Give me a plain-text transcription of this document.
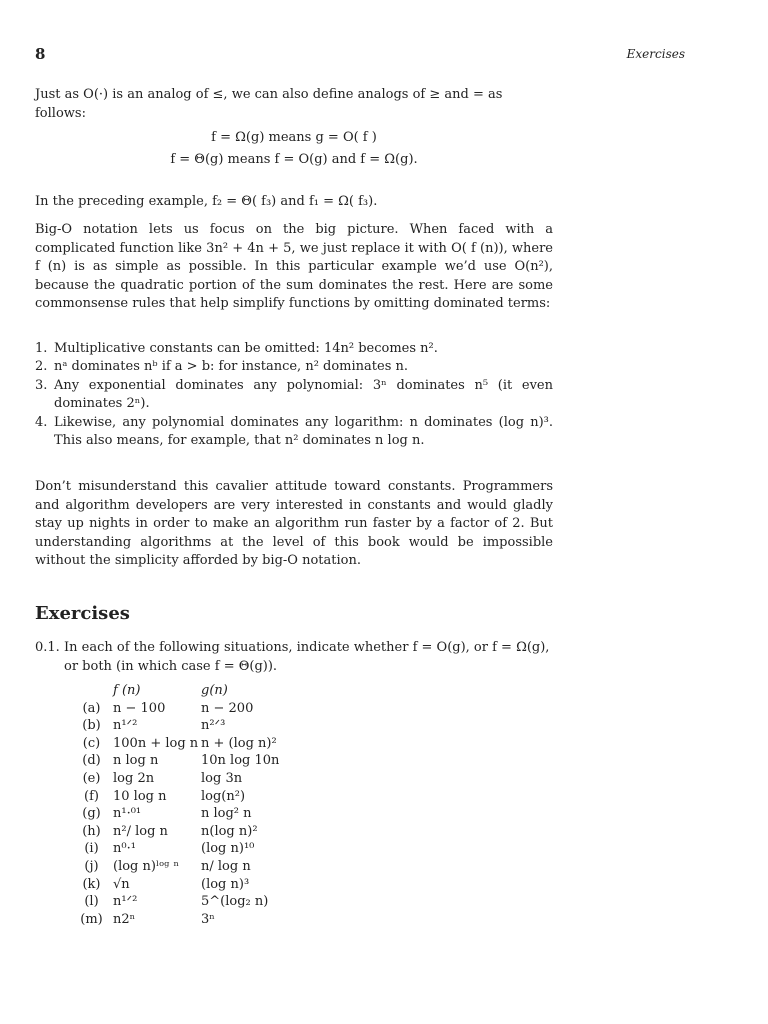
8	Exercises

Just as O(·) is an analog of ≤, we can also define analogs of ≥ and = as follows:

f = Ω(g) means g = O( f )

f = Θ(g) means f = O(g) and f = Ω(g).

In the preceding example, f₂ = Θ( f₃) and f₁ = Ω( f₃).

Big-O notation lets us focus on the big picture. When faced with a complicated function like 3n² + 4n + 5, we just replace it with O( f (n)), where f (n) is as simple as possible. In this particular example we’d use O(n²), because the quadratic portion of the sum dominates the rest. Here are some commonsense rules that help simplify functions by omitting dominated terms:

1. Multiplicative constants can be omitted: 14n² becomes n².
2. nᵃ dominates nᵇ if a > b: for instance, n² dominates n.
3. Any exponential dominates any polynomial: 3ⁿ dominates n⁵ (it even dominates 2ⁿ).
4. Likewise, any polynomial dominates any logarithm: n dominates (log n)³. This also means, for example, that n² dominates n log n.

Don’t misunderstand this cavalier attitude toward constants. Programmers and algorithm developers are very interested in constants and would gladly stay up nights in order to make an algorithm run faster by a factor of 2. But understanding algorithms at the level of this book would be impossible without the simplicity afforded by big-O notation.

Exercises
0.1. In each of the following situations, indicate whether f = O(g), or f = Ω(g), or both (in which case f = Θ(g)).
	f (n)	g(n)
(a)	n − 100	n − 200
(b)	n¹ᐟ²	n²ᐟ³
(c)	100n + log n	n + (log n)²
(d)	n log n	10n log 10n
(e)	log 2n	log 3n
(f)	10 log n	log(n²)
(g)	n¹·⁰¹	n log² n
(h)	n²/ log n	n(log n)²
(i)	n⁰·¹	(log n)¹⁰
(j)	(log n)ˡᵒᵍ ⁿ	n/ log n
(k)	√n	(log n)³
(l)	n¹ᐟ²	5^(log₂ n)
(m)	n2ⁿ	3ⁿ
